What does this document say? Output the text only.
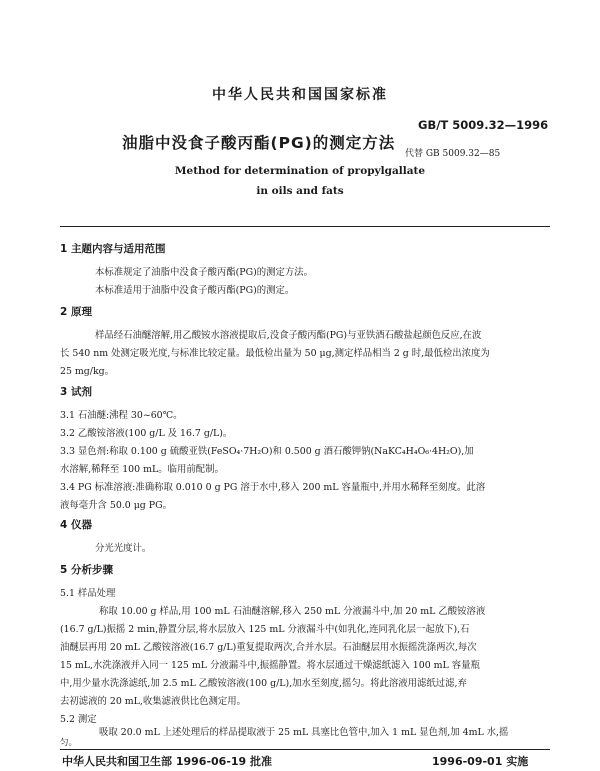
中华人民共和国国家标准
GB/T 5009.32—1996
油脂中没食子酸丙酯(PG)的测定方法
代替 GB 5009.32—85
Method for determination of propylgallate
in oils and fats
1 主题内容与适用范围
本标准规定了油脂中没食子酸丙酯(PG)的测定方法。
本标准适用于油脂中没食子酸丙酯(PG)的测定。
2 原理
样品经石油醚溶解,用乙酸铵水溶液提取后,没食子酸丙酯(PG)与亚铁酒石酸盐起颜色反应,在波
长 540 nm 处测定吸光度,与标准比较定量。最低检出量为 50 μg,测定样品相当 2 g 时,最低检出浓度为
25 mg/kg。
3 试剂
3.1 石油醚:沸程 30~60℃。
3.2 乙酸铵溶液(100 g/L 及 16.7 g/L)。
3.3 显色剂:称取 0.100 g 硫酸亚铁(FeSO₄·7H₂O)和 0.500 g 酒石酸钾钠(NaKC₄H₄O₆·4H₂O),加
水溶解,稀释至 100 mL。临用前配制。
3.4 PG 标准溶液:准确称取 0.010 0 g PG 溶于水中,移入 200 mL 容量瓶中,并用水稀释至刻度。此溶
液每毫升含 50.0 μg PG。
4 仪器
分光光度计。
5 分析步骤
5.1 样品处理
称取 10.00 g 样品,用 100 mL 石油醚溶解,移入 250 mL 分液漏斗中,加 20 mL 乙酸铵溶液
(16.7 g/L)振摇 2 min,静置分层,将水层放入 125 mL 分液漏斗中(如乳化,连同乳化层一起放下),石
油醚层再用 20 mL 乙酸铵溶液(16.7 g/L)重复提取两次,合并水层。石油醚层用水振摇洗涤两次,每次
15 mL,水洗涤液并入同一 125 mL 分液漏斗中,振摇静置。将水层通过干燥滤纸滤入 100 mL 容量瓶
中,用少量水洗涤滤纸,加 2.5 mL 乙酸铵溶液(100 g/L),加水至刻度,摇匀。将此溶液用滤纸过滤,弃
去初滤液的 20 mL,收集滤液供比色测定用。
5.2 测定
吸取 20.0 mL 上述处理后的样品提取液于 25 mL 具塞比色管中,加入 1 mL 显色剂,加 4mL 水,摇
中华人民共和国卫生部 1996-06-19 批准	1996-09-01 实施
匀。
